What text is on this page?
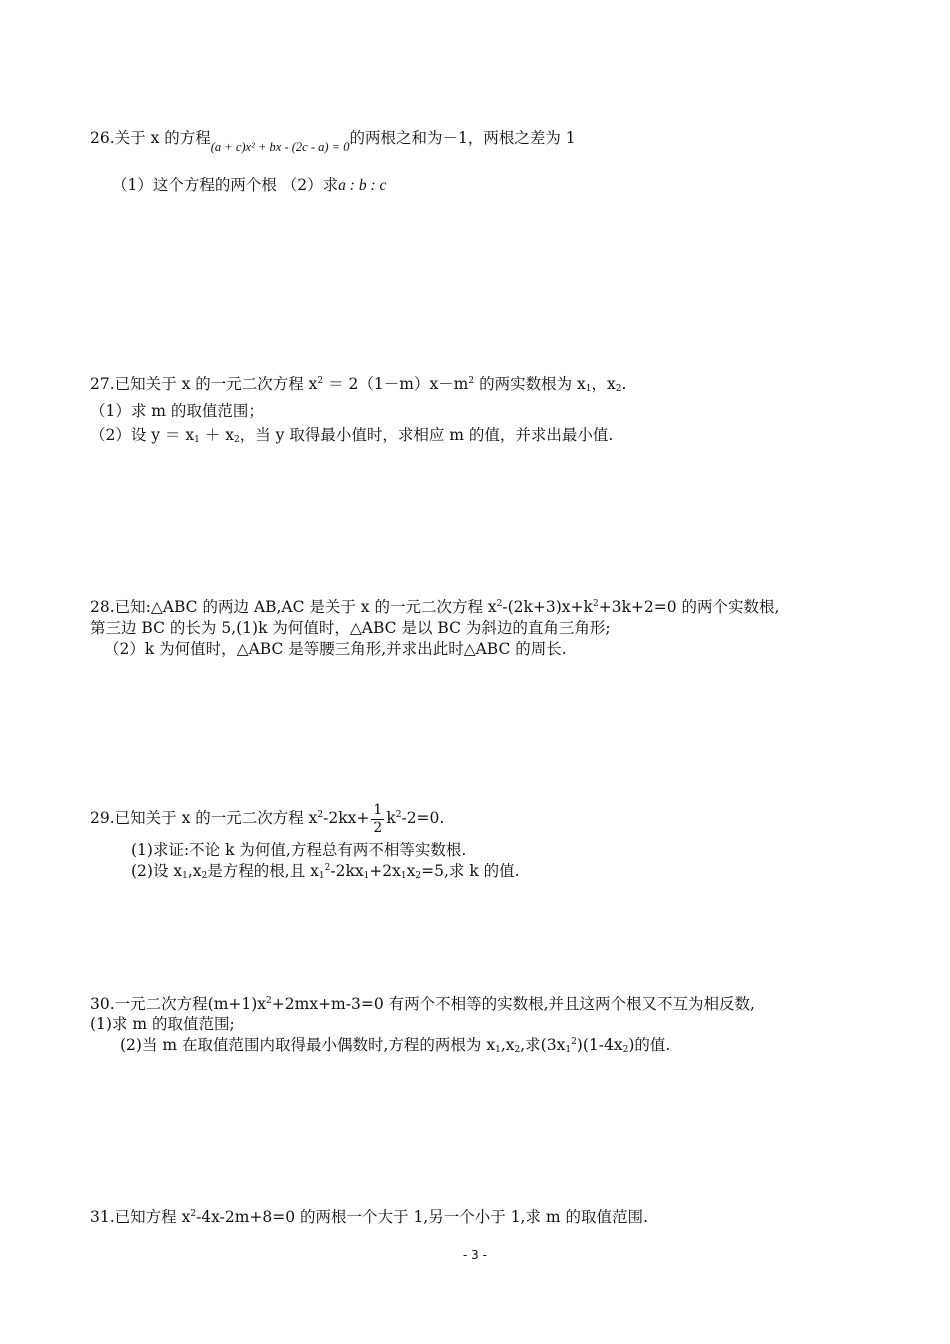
26.关于 x 的方程$_{(a + c)x^2 + bx - (2c - a) = 0}$的两根之和为－1，两根之差为 1
（1）这个方程的两个根 （2）求a : b : c
27.已知关于 x 的一元二次方程 $x^2 = 2(1-m)x-m^2$ 的两实数根为 $x_1$，$x_2$.
（1）求 m 的取值范围；
（2）设 $y = x_1 + x_2$，当 y 取得最小值时，求相应 m 的值，并求出最小值.
28.已知:△ABC 的两边 AB,AC 是关于 x 的一元二次方程 $x^2-(2k+3)x+k^2+3k+2=0$ 的两个实数根,
第三边 BC 的长为 5,(1)k 为何值时，△ABC 是以 BC 为斜边的直角三角形;
（2）k 为何值时，△ABC 是等腰三角形,并求出此时△ABC 的周长.
29.已知关于 x 的一元二次方程 $x^2-2kx+ \frac{1}{2} k^2-2=0$.
(1)求证:不论 k 为何值,方程总有两不相等实数根.
(2)设 $x_1,x_2$是方程的根,且 $x_1^2-2kx_1+2x_1x_2=5$,求 k 的值.
30.一元二次方程$(m+1)x^2+2mx+m-3=0$ 有两个不相等的实数根,并且这两个根又不互为相反数,
(1)求 m 的取值范围;
(2)当 m 在取值范围内取得最小偶数时,方程的两根为 $x_1,x_2$,求$(3x_1^2)(1-4x_2)$的值.
31.已知方程 $x^2-4x-2m+8=0$ 的两根一个大于 1,另一个小于 1,求 m 的取值范围.
- 3 -
